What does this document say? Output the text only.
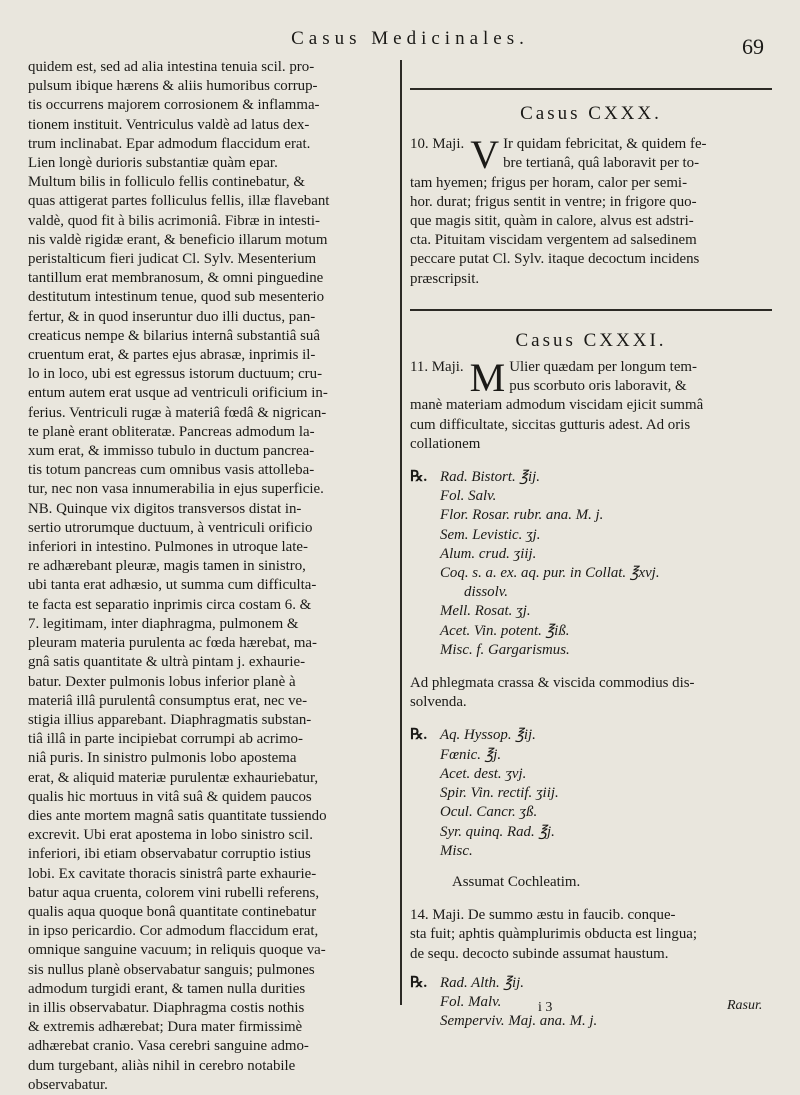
Casus Medicinales.	69
quidem est, sed ad alia intestina tenuia scil. pro-
pulsum ibique hærens & aliis humoribus corrup-
tis occurrens majorem corrosionem & inflamma-
tionem instituit. Ventriculus valdè ad latus dex-
trum inclinabat. Epar admodum flaccidum erat.
Lien longè durioris substantiæ quàm epar.
Multum bilis in folliculo fellis continebatur, &
quas attigerat partes folliculus fellis, illæ flavebant
valdè, quod fit à bilis acrimoniâ. Fibræ in intesti-
nis valdè rigidæ erant, & beneficio illarum motum
peristalticum fieri judicat Cl. Sylv. Mesenterium
tantillum erat membranosum, & omni pinguedine
destitutum intestinum tenue, quod sub mesenterio
fertur, & in quod inseruntur duo illi ductus, pan-
creaticus nempe & bilarius internâ substantiâ suâ
cruentum erat, & partes ejus abrasæ, inprimis il-
lo in loco, ubi est egressus istorum ductuum; cru-
entum autem erat usque ad ventriculi orificium in-
ferius. Ventriculi rugæ à materiâ fœdâ & nigrican-
te planè erant obliteratæ. Pancreas admodum la-
xum erat, & immisso tubulo in ductum pancrea-
tis totum pancreas cum omnibus vasis attollеba-
tur, nec non vasa innumerabilia in ejus superficie.
NB. Quinque vix digitos transversos distat in-
sertio utrorumque ductuum, à ventriculi orificio
inferiori in intestino. Pulmones in utroque late-
re adhærebant pleuræ, magis tamen in sinistro,
ubi tanta erat adhæsio, ut summa cum difficulta-
te facta est separatio inprimis circa costam 6. &
7. legitimam, inter diaphragma, pulmonem &
pleuram materia purulenta ac fœda hærebat, ma-
gnâ satis quantitate & ultrà pintam j. exhaurie-
batur. Dexter pulmonis lobus inferior planè à
materiâ illâ purulentâ consumptus erat, nec ve-
stigia illius apparebant. Diaphragmatis substan-
tiâ illâ in parte incipiebat corrumpi ab acrimo-
niâ puris. In sinistro pulmonis lobo apostema
erat, & aliquid materiæ purulentæ exhauriebatur,
qualis hic mortuus in vitâ suâ & quidem paucos
dies ante mortem magnâ satis quantitate tussiendo
excrevit. Ubi erat apostema in lobo sinistro scil.
inferiori, ibi etiam observabatur corruptio istius
lobi. Ex cavitate thoracis sinistrâ parte exhaurie-
batur aqua cruenta, colorem vini rubelli referens,
qualis aqua quoque bonâ quantitate continebatur
in ipso pericardio. Cor admodum flaccidum erat,
omnique sanguine vacuum; in reliquis quoque va-
sis nullus planè observabatur sanguis; pulmones
admodum turgidi erant, & tamen nulla durities
in illis observabatur. Diaphragma costis nothis
& extremis adhærebat; Dura mater firmissimè
adhærebat cranio. Vasa cerebri sanguine admo-
dum turgebant, aliàs nihil in cerebro notabile
observabatur.
Casus CXXX.
10. Maji. V Ir quidam febricitat, & quidem fe-
bre tertianâ, quâ laboravit per to-
tam hyemen; frigus per horam, calor per semi-
hor. durat; frigus sentit in ventre; in frigore quo-
que magis sitit, quàm in calore, alvus est adstri-
cta. Pituitam viscidam vergentem ad salsedinem
peccare putat Cl. Sylv. itaque decoctum incidens
præscripsit.
Casus CXXXI.
11. Maji. M Ulier quædam per longum tem-
pus scorbuto oris laboravit, &
manè materiam admodum viscidam ejicit summâ
cum difficultate, siccitas gutturis adest. Ad oris
collationem
℞. Rad. Bistort. ℥ij.
Fol. Salv.
Flor. Rosar. rubr. ana. M. j.
Sem. Levistic. ʒj.
Alum. crud. ʒiij.
Coq. s. a. ex. aq. pur. in Collat. ℥xvj.
dissolv.
Mell. Rosat. ʒj.
Acet. Vin. potent. ℥iß.
Misc. f. Gargarismus.
Ad phlegmata crassa & viscida commodius dis-
solvenda.
℞. Aq. Hyssop. ℥ij.
Fœnic. ℥j.
Acet. dest. ʒvj.
Spir. Vin. rectif. ʒiij.
Ocul. Cancr. ʒß.
Syr. quinq. Rad. ℥j.
Misc.
Assumat Cochleatim.
14. Maji. De summo æstu in faucib. conque-
sta fuit; aphtis quàmplurimis obducta est lingua;
de sequ. decocto subinde assumat haustum.
℞. Rad. Alth. ℥ij.
Fol. Malv.
Semperviv. Maj. ana. M. j.
i 3	Rasur.
